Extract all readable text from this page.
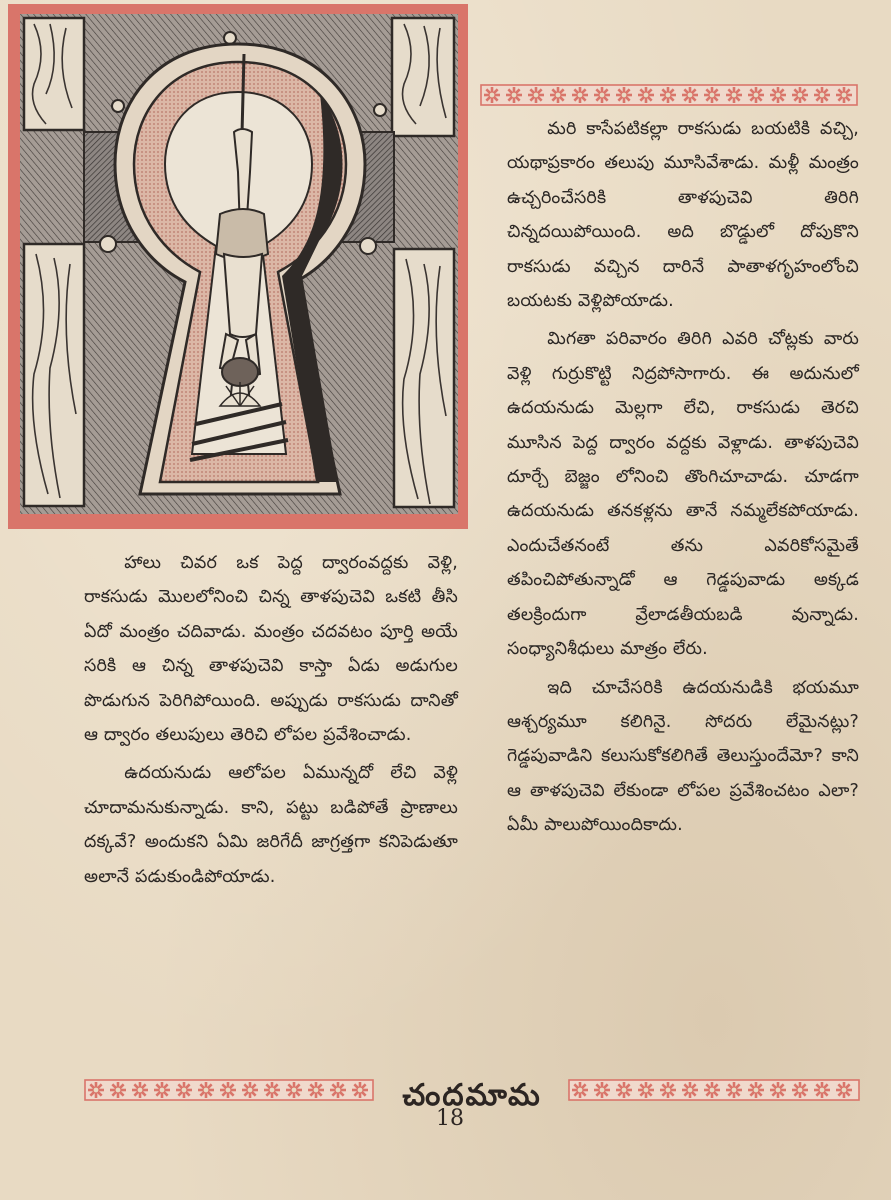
మరి కాసేపటికల్లా రాకసుడు బయటికి వచ్చి, యథాప్రకారం తలుపు మూసివేశాడు. మళ్లీ మంత్రం ఉచ్చరించేసరికి తాళపుచెవి తిరిగి చిన్నదయిపోయింది. అది బొడ్డులో దోపుకొని రాకసుడు వచ్చిన దారినే పాతాళగృహంలోంచి బయటకు వెళ్లిపోయాడు.

మిగతా పరివారం తిరిగి ఎవరి చోట్లకు వారు వెళ్లి గుర్రుకొట్టి నిద్రపోసాగారు. ఈ అదునులో ఉదయనుడు మెల్లగా లేచి, రాకసుడు తెరచి మూసిన పెద్ద ద్వారం వద్దకు వెళ్లాడు. తాళపుచెవి దూర్చే బెజ్జం లోనించి తొంగిచూచాడు. చూడగా ఉదయనుడు తనకళ్లను తానే నమ్మలేకపోయాడు. ఎందుచేతనంటే తను ఎవరికోసమైతే తపించిపోతున్నాడో ఆ గెడ్డపువాడు అక్కడ తలక్రిందుగా వ్రేలాడతీయబడి వున్నాడు. సంధ్యానిశీధులు మాత్రం లేరు.

ఇది చూచేసరికి ఉదయనుడికి భయమూ ఆశ్చర్యమూ కలిగినై. సోదరు లేమైనట్లు? గెడ్డపువాడిని కలుసుకోకలిగితే తెలుస్తుందేమో? కాని ఆ తాళపుచెవి లేకుండా లోపల ప్రవేశించటం ఎలా? ఏమీ పాలుపోయిందికాదు.

హాలు చివర ఒక పెద్ద ద్వారంవద్దకు వెళ్లి, రాకసుడు మొలలోనించి చిన్న తాళపుచెవి ఒకటి తీసి ఏదో మంత్రం చదివాడు. మంత్రం చదవటం పూర్తి అయే సరికి ఆ చిన్న తాళపుచెవి కాస్తా ఏడు అడుగుల పొడుగున పెరిగిపోయింది. అప్పుడు రాకసుడు దానితో ఆ ద్వారం తలుపులు తెరిచి లోపల ప్రవేశించాడు.

ఉదయనుడు ఆలోపల ఏమున్నదో లేచి వెళ్లి చూదామనుకున్నాడు. కాని, పట్టు బడిపోతే ప్రాణాలు దక్కవే? అందుకని ఏమి జరిగేదీ జాగ్రత్తగా కనిపెడుతూ అలానే పడుకుండిపోయాడు.

చందమామ
18
